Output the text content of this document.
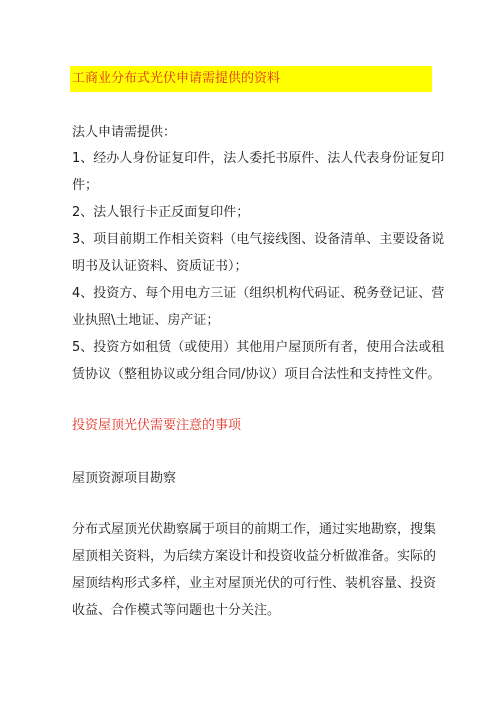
工商业分布式光伏申请需提供的资料
法人申请需提供：
1、经办人身份证复印件，法人委托书原件、法人代表身份证复印
件；
2、法人银行卡正反面复印件；
3、项目前期工作相关资料（电气接线图、设备清单、主要设备说
明书及认证资料、资质证书）；
4、投资方、每个用电方三证（组织机构代码证、税务登记证、营
业执照\土地证、房产证；
5、投资方如租赁（或使用）其他用户屋顶所有者，使用合法或租
赁协议（整租协议或分组合同/协议）项目合法性和支持性文件。
投资屋顶光伏需要注意的事项
屋顶资源项目勘察
分布式屋顶光伏勘察属于项目的前期工作，通过实地勘察，搜集
屋顶相关资料，为后续方案设计和投资收益分析做准备。实际的
屋顶结构形式多样，业主对屋顶光伏的可行性、装机容量、投资
收益、合作模式等问题也十分关注。
